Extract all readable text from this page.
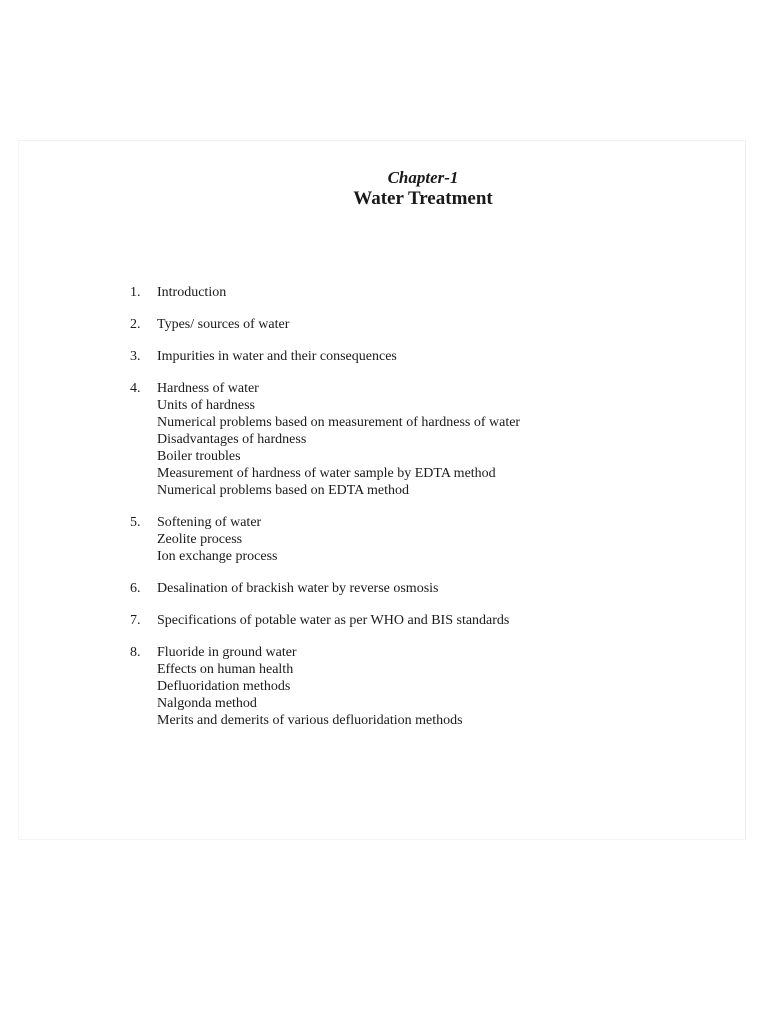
Chapter-1
Water Treatment
1. Introduction
2. Types/ sources of water
3. Impurities in water and their consequences
4. Hardness of water
Units of hardness
Numerical problems based on measurement of hardness of water
Disadvantages of hardness
Boiler troubles
Measurement of hardness of water sample by EDTA method
Numerical problems based on EDTA method
5. Softening of water
Zeolite process
Ion exchange process
6. Desalination of brackish water by reverse osmosis
7. Specifications of potable water as per WHO and BIS standards
8. Fluoride in ground water
Effects on human health
Defluoridation methods
Nalgonda method
Merits and demerits of various defluoridation methods
